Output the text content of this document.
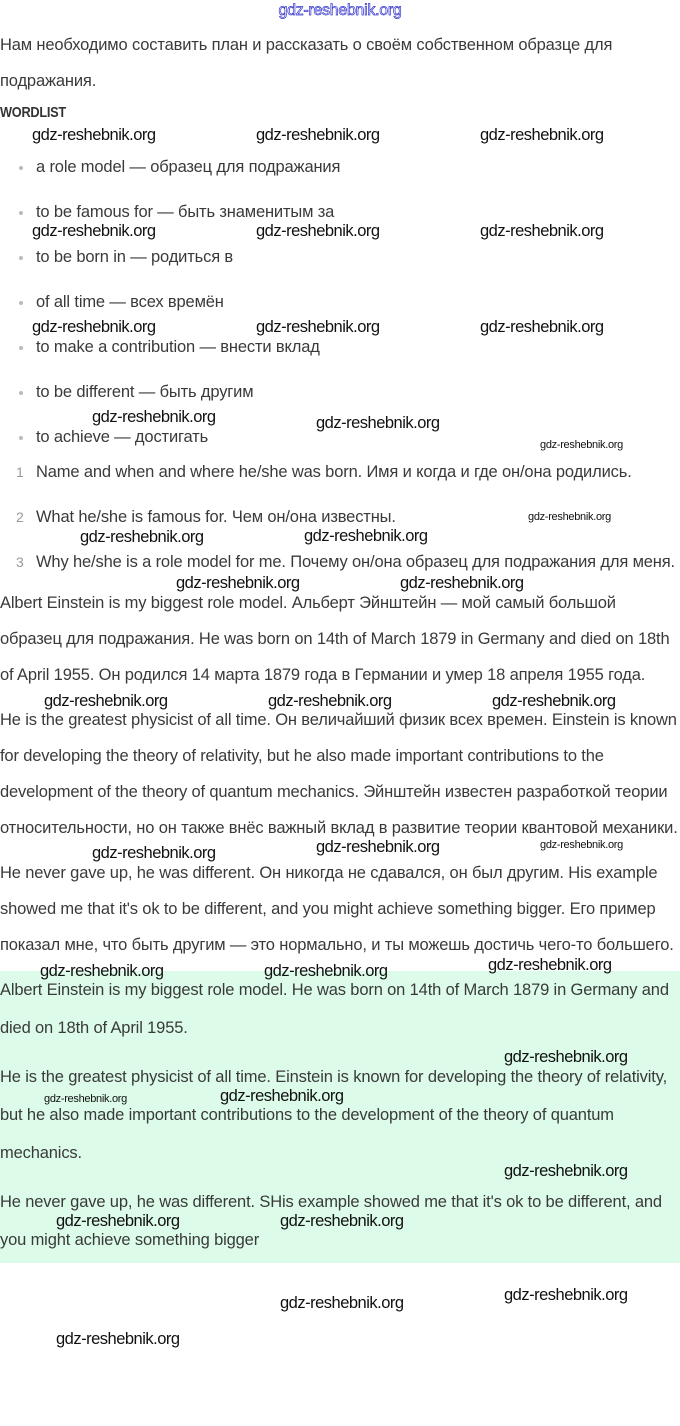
gdz-reshebnik.org

Нам необходимо составить план и рассказать о своём собственном образце для подражания.

WORDLIST
a role model — образец для подражания
to be famous for — быть знаменитым за
to be born in — родиться в
of all time — всех времён
to make a contribution — внести вклад
to be different — быть другим
to achieve — достигать
1 Name and when and where he/she was born. Имя и когда и где он/она родились.
2 What he/she is famous for. Чем он/она известны.
3 Why he/she is a role model for me. Почему он/она образец для подражания для меня.

Albert Einstein is my biggest role model. Альберт Эйнштейн — мой самый большой образец для подражания. He was born on 14th of March 1879 in Germany and died on 18th of April 1955. Он родился 14 марта 1879 года в Германии и умер 18 апреля 1955 года.

He is the greatest physicist of all time. Он величайший физик всех времен. Einstein is known for developing the theory of relativity, but he also made important contributions to the development of the theory of quantum mechanics. Эйнштейн известен разработкой теории относительности, но он также внёс важный вклад в развитие теории квантовой механики.

He never gave up, he was different. Он никогда не сдавался, он был другим. His example showed me that it's ok to be different, and you might achieve something bigger. Его пример показал мне, что быть другим — это нормально, и ты можешь достичь чего-то большего.

Albert Einstein is my biggest role model. He was born on 14th of March 1879 in Germany and died on 18th of April 1955.

He is the greatest physicist of all time. Einstein is known for developing the theory of relativity, but he also made important contributions to the development of the theory of quantum mechanics.

He never gave up, he was different. SHis example showed me that it's ok to be different, and you might achieve something bigger

gdz-reshebnik.org	gdz-reshebnik.org	gdz-reshebnik.org
gdz-reshebnik.org	gdz-reshebnik.org	gdz-reshebnik.org
gdz-reshebnik.org	gdz-reshebnik.org	gdz-reshebnik.org
gdz-reshebnik.org	gdz-reshebnik.org
gdz-reshebnik.org
gdz-reshebnik.org	gdz-reshebnik.org
gdz-reshebnik.org
gdz-reshebnik.org	gdz-reshebnik.org
gdz-reshebnik.org	gdz-reshebnik.org
gdz-reshebnik.org
gdz-reshebnik.org	gdz-reshebnik.org
gdz-reshebnik.org
gdz-reshebnik.org
gdz-reshebnik.org	gdz-reshebnik.org
gdz-reshebnik.org
gdz-reshebnik.org
gdz-reshebnik.org
gdz-reshebnik.org
gdz-reshebnik.org	gdz-reshebnik.org
gdz-reshebnik.org
gdz-reshebnik.org
gdz-reshebnik.org
